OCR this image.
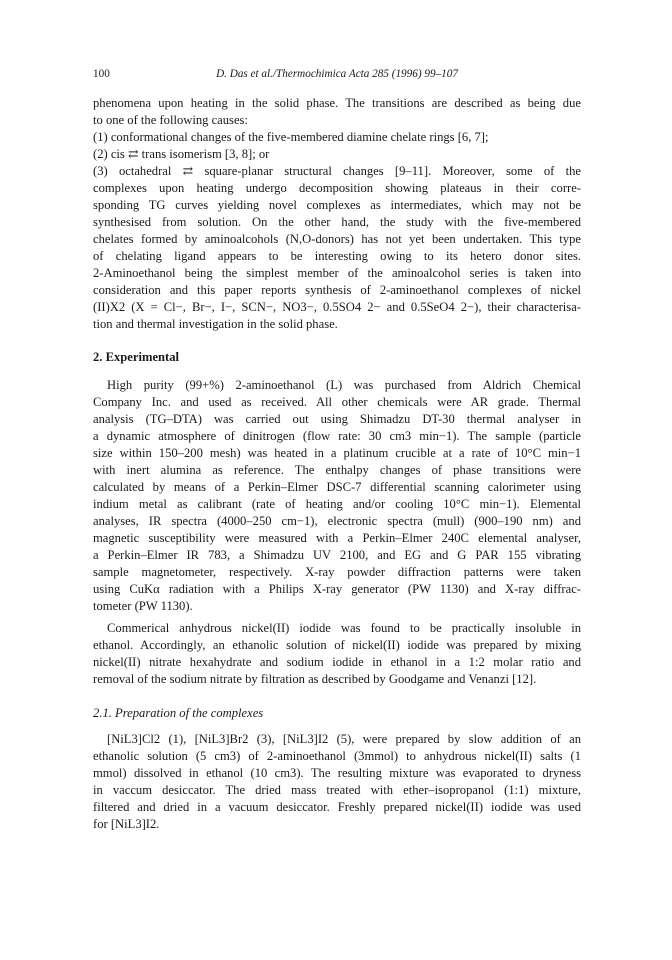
100	D. Das et al./Thermochimica Acta 285 (1996) 99–107
phenomena upon heating in the solid phase. The transitions are described as being due
to one of the following causes:
(1) conformational changes of the five-membered diamine chelate rings [6, 7];
(2) cis ⇄ trans isomerism [3, 8]; or
(3) octahedral ⇄ square-planar structural changes [9–11]. Moreover, some of the
complexes upon heating undergo decomposition showing plateaus in their corre-
sponding TG curves yielding novel complexes as intermediates, which may not be
synthesised from solution. On the other hand, the study with the five-membered
chelates formed by aminoalcohols (N,O-donors) has not yet been undertaken. This type
of chelating ligand appears to be interesting owing to its hetero donor sites.
2-Aminoethanol being the simplest member of the aminoalcohol series is taken into
consideration and this paper reports synthesis of 2-aminoethanol complexes of nickel
(II)X2 (X = Cl−, Br−, I−, SCN−, NO3−, 0.5SO4 2− and 0.5SeO4 2−), their characterisa-
tion and thermal investigation in the solid phase.
2. Experimental
High purity (99+%) 2-aminoethanol (L) was purchased from Aldrich Chemical
Company Inc. and used as received. All other chemicals were AR grade. Thermal
analysis (TG–DTA) was carried out using Shimadzu DT-30 thermal analyser in
a dynamic atmosphere of dinitrogen (flow rate: 30 cm3 min−1). The sample (particle
size within 150–200 mesh) was heated in a platinum crucible at a rate of 10°C min−1
with inert alumina as reference. The enthalpy changes of phase transitions were
calculated by means of a Perkin–Elmer DSC-7 differential scanning calorimeter using
indium metal as calibrant (rate of heating and/or cooling 10°C min−1). Elemental
analyses, IR spectra (4000–250 cm−1), electronic spectra (mull) (900–190 nm) and
magnetic susceptibility were measured with a Perkin–Elmer 240C elemental analyser,
a Perkin–Elmer IR 783, a Shimadzu UV 2100, and EG and G PAR 155 vibrating
sample magnetometer, respectively. X-ray powder diffraction patterns were taken
using CuKα radiation with a Philips X-ray generator (PW 1130) and X-ray diffrac-
tometer (PW 1130).
Commerical anhydrous nickel(II) iodide was found to be practically insoluble in
ethanol. Accordingly, an ethanolic solution of nickel(II) iodide was prepared by mixing
nickel(II) nitrate hexahydrate and sodium iodide in ethanol in a 1:2 molar ratio and
removal of the sodium nitrate by filtration as described by Goodgame and Venanzi [12].
2.1. Preparation of the complexes
[NiL3]Cl2 (1), [NiL3]Br2 (3), [NiL3]I2 (5), were prepared by slow addition of an
ethanolic solution (5 cm3) of 2-aminoethanol (3mmol) to anhydrous nickel(II) salts (1
mmol) dissolved in ethanol (10 cm3). The resulting mixture was evaporated to dryness
in vaccum desiccator. The dried mass treated with ether–isopropanol (1:1) mixture,
filtered and dried in a vacuum desiccator. Freshly prepared nickel(II) iodide was used
for [NiL3]I2.
